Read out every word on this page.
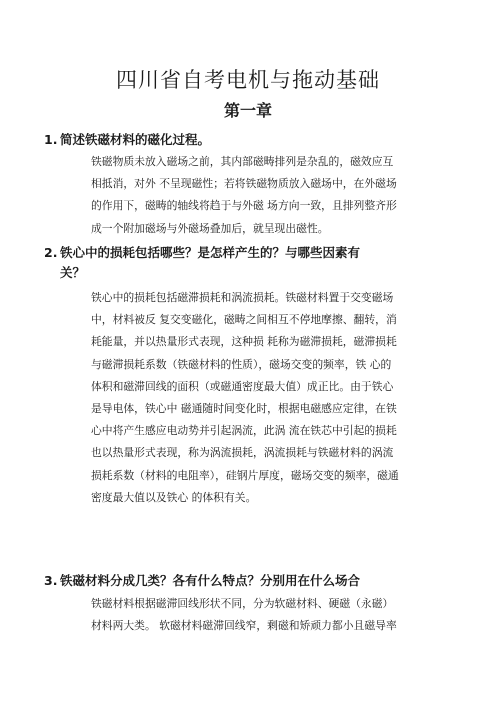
四川省自考电机与拖动基础
第一章
1. 简述铁磁材料的磁化过程。
铁磁物质未放入磁场之前，其内部磁畴排列是杂乱的，磁效应互
相抵消，对外 不呈现磁性；若将铁磁物质放入磁场中，在外磁场
的作用下，磁畴的轴线将趋于与外磁 场方向一致，且排列整齐形
成一个附加磁场与外磁场叠加后，就呈现出磁性。
2. 铁心中的损耗包括哪些？是怎样产生的？与哪些因素有
关？
铁心中的损耗包括磁滞损耗和涡流损耗。铁磁材料置于交变磁场
中，材料被反 复交变磁化，磁畴之间相互不停地摩擦、翻转，消
耗能量，并以热量形式表现，这种损 耗称为磁滞损耗，磁滞损耗
与磁滞损耗系数（铁磁材料的性质），磁场交变的频率，铁 心的
体积和磁滞回线的面积（或磁通密度最大值）成正比。由于铁心
是导电体，铁心中 磁通随时间变化时，根据电磁感应定律，在铁
心中将产生感应电动势并引起涡流，此涡 流在铁芯中引起的损耗
也以热量形式表现，称为涡流损耗，涡流损耗与铁磁材料的涡流
损耗系数（材料的电阻率），硅钢片厚度，磁场交变的频率，磁通
密度最大值以及铁心 的体积有关。
3. 铁磁材料分成几类？各有什么特点？分别用在什么场合
铁磁材料根据磁滞回线形状不同，分为软磁材料、硬磁（永磁）
材料两大类。 软磁材料磁滞回线窄，剩磁和矫顽力都小且磁导率
